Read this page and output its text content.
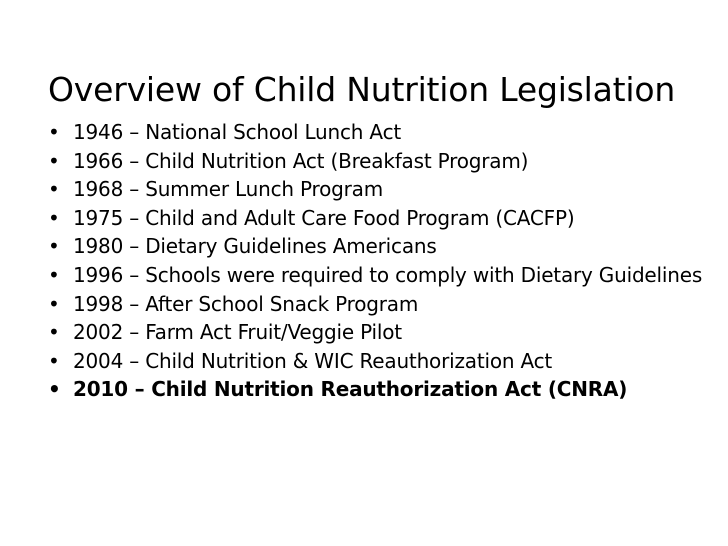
Overview of Child Nutrition Legislation
• 1946 – National School Lunch Act
• 1966 – Child Nutrition Act (Breakfast Program)
• 1968 – Summer Lunch Program
• 1975 – Child and Adult Care Food Program (CACFP)
• 1980 – Dietary Guidelines Americans
• 1996 – Schools were required to comply with Dietary Guidelines
• 1998 – After School Snack Program
• 2002 – Farm Act Fruit/Veggie Pilot
• 2004 – Child Nutrition & WIC Reauthorization Act
• 2010 – Child Nutrition Reauthorization Act (CNRA)
